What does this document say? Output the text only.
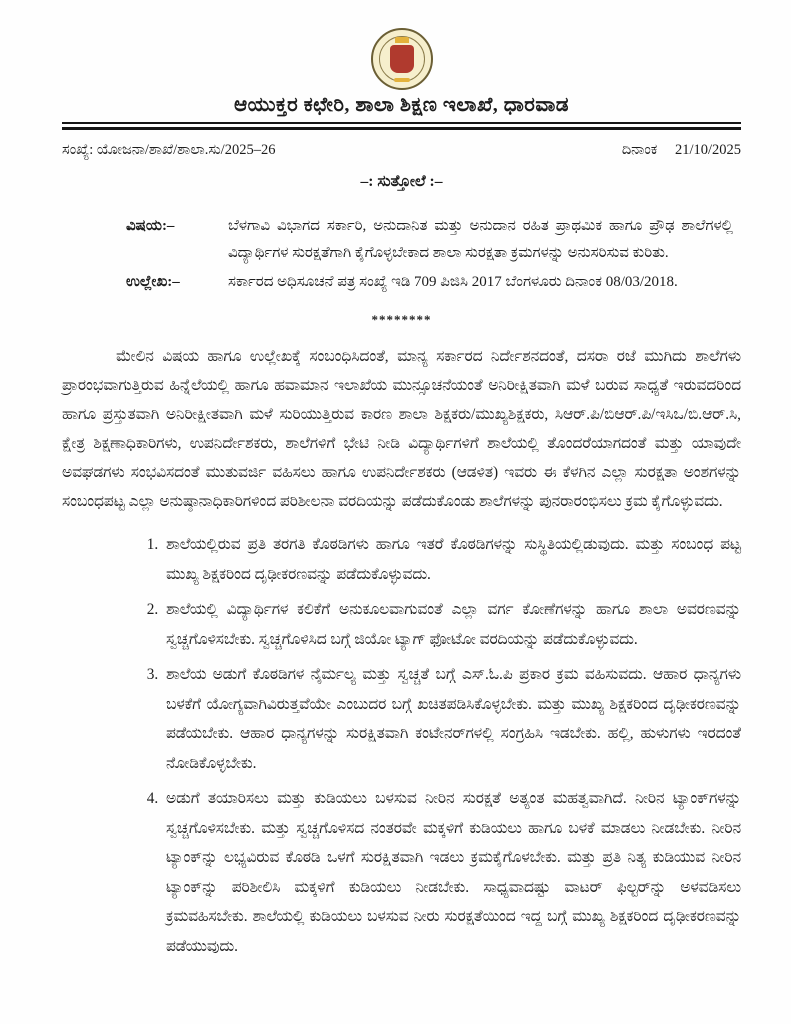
ಆಯುಕ್ತರ ಕಛೇರಿ, ಶಾಲಾ ಶಿಕ್ಷಣ ಇಲಾಖೆ, ಧಾರವಾಡ
ಸಂಖ್ಯೆ: ಯೋಜನಾ/ಶಾಖೆ/ಶಾಲಾ.ಸು/2025–26	ದಿನಾಂಕ 21/10/2025
–: ಸುತ್ತೋಲೆ :–
ವಿಷಯ:–	ಬೆಳಗಾವಿ ವಿಭಾಗದ ಸರ್ಕಾರಿ, ಅನುದಾನಿತ ಮತ್ತು ಅನುದಾನ ರಹಿತ ಪ್ರಾಥಮಿಕ ಹಾಗೂ ಪ್ರೌಢ ಶಾಲೆಗಳಲ್ಲಿ ವಿದ್ಯಾರ್ಥಿಗಳ ಸುರಕ್ಷತೆಗಾಗಿ ಕೈಗೊಳ್ಳಬೇಕಾದ ಶಾಲಾ ಸುರಕ್ಷತಾ ಕ್ರಮಗಳನ್ನು ಅನುಸರಿಸುವ ಕುರಿತು.
ಉಲ್ಲೇಖ:–	ಸರ್ಕಾರದ ಅಧಿಸೂಚನೆ ಪತ್ರ ಸಂಖ್ಯೆ ಇಡಿ 709 ಪಿಜಿಸಿ 2017 ಬೆಂಗಳೂರು ದಿನಾಂಕ 08/03/2018.
********
ಮೇಲಿನ ವಿಷಯ ಹಾಗೂ ಉಲ್ಲೇಖಕ್ಕೆ ಸಂಬಂಧಿಸಿದಂತೆ, ಮಾನ್ಯ ಸರ್ಕಾರದ ನಿರ್ದೇಶನದಂತೆ, ದಸರಾ ರಜೆ ಮುಗಿದು ಶಾಲೆಗಳು ಪ್ರಾರಂಭವಾಗುತ್ತಿರುವ ಹಿನ್ನೆಲೆಯಲ್ಲಿ ಹಾಗೂ ಹವಾಮಾನ ಇಲಾಖೆಯ ಮುನ್ಸೂಚನೆಯಂತೆ ಅನಿರೀಕ್ಷಿತವಾಗಿ ಮಳೆ ಬರುವ ಸಾಧ್ಯತೆ ಇರುವದರಿಂದ ಹಾಗೂ ಪ್ರಸ್ತುತವಾಗಿ ಅನಿರೀಕ್ಷೀತವಾಗಿ ಮಳೆ ಸುರಿಯುತ್ತಿರುವ ಕಾರಣ ಶಾಲಾ ಶಿಕ್ಷಕರು/ಮುಖ್ಯಶಿಕ್ಷಕರು, ಸಿಆರ್.ಪಿ/ಬಿಆರ್.ಪಿ/ಇಸಿಒ/ಬಿ.ಆರ್.ಸಿ, ಕ್ಷೇತ್ರ ಶಿಕ್ಷಣಾಧಿಕಾರಿಗಳು, ಉಪನಿರ್ದೇಶಕರು, ಶಾಲೆಗಳಿಗೆ ಭೇಟಿ ನೀಡಿ ವಿದ್ಯಾರ್ಥಿಗಳಿಗೆ ಶಾಲೆಯಲ್ಲಿ ತೊಂದರೆಯಾಗದಂತೆ ಮತ್ತು ಯಾವುದೇ ಅವಘಡಗಳು ಸಂಭವಿಸದಂತೆ ಮುತುವರ್ಜಿ ವಹಿಸಲು ಹಾಗೂ ಉಪನಿರ್ದೇಶಕರು (ಆಡಳಿತ) ಇವರು ಈ ಕೆಳಗಿನ ಎಲ್ಲಾ ಸುರಕ್ಷತಾ ಅಂಶಗಳನ್ನು ಸಂಬಂಧಪಟ್ಟ ಎಲ್ಲಾ ಅನುಷ್ಠಾನಾಧಿಕಾರಿಗಳಿಂದ ಪರಿಶೀಲನಾ ವರದಿಯನ್ನು ಪಡೆದುಕೊಂಡು ಶಾಲೆಗಳನ್ನು ಪುನರಾರಂಭಿಸಲು ಕ್ರಮ ಕೈಗೊಳ್ಳುವದು.
1. ಶಾಲೆಯಲ್ಲಿರುವ ಪ್ರತಿ ತರಗತಿ ಕೊಠಡಿಗಳು ಹಾಗೂ ಇತರೆ ಕೊಠಡಿಗಳನ್ನು ಸುಸ್ಥಿತಿಯಲ್ಲಿಡುವುದು. ಮತ್ತು ಸಂಬಂಧ ಪಟ್ಟ ಮುಖ್ಯ ಶಿಕ್ಷಕರಿಂದ ದೃಢೀಕರಣವನ್ನು ಪಡೆದುಕೊಳ್ಳುವದು.
2. ಶಾಲೆಯಲ್ಲಿ ವಿದ್ಯಾರ್ಥಿಗಳ ಕಲಿಕೆಗೆ ಅನುಕೂಲವಾಗುವಂತೆ ಎಲ್ಲಾ ವರ್ಗ ಕೋಣೆಗಳನ್ನು ಹಾಗೂ ಶಾಲಾ ಅವರಣವನ್ನು ಸ್ವಚ್ಚಗೊಳಿಸಬೇಕು. ಸ್ವಚ್ಚಗೊಳಿಸಿದ ಬಗ್ಗೆ ಜಿಯೋ ಟ್ಯಾಗ್ ಫೋಟೋ ವರದಿಯನ್ನು ಪಡೆದುಕೊಳ್ಳುವದು.
3. ಶಾಲೆಯ ಅಡುಗೆ ಕೊಠಡಿಗಳ ನೈರ್ಮಲ್ಯ ಮತ್ತು ಸ್ವಚ್ಚತೆ ಬಗ್ಗೆ ಎಸ್.ಓ.ಪಿ ಪ್ರಕಾರ ಕ್ರಮ ವಹಿಸುವದು. ಆಹಾರ ಧಾನ್ಯಗಳು ಬಳಕೆಗೆ ಯೋಗ್ಯವಾಗಿವಿರುತ್ತವೆಯೇ ಎಂಬುದರ ಬಗ್ಗೆ ಖಚಿತಪಡಿಸಿಕೊಳ್ಳಬೇಕು. ಮತ್ತು ಮುಖ್ಯ ಶಿಕ್ಷಕರಿಂದ ದೃಢೀಕರಣವನ್ನು ಪಡೆಯಬೇಕು. ಆಹಾರ ಧಾನ್ಯಗಳನ್ನು ಸುರಕ್ಷಿತವಾಗಿ ಕಂಟೇನರ್‌ಗಳಲ್ಲಿ ಸಂಗ್ರಹಿಸಿ ಇಡಬೇಕು. ಹಲ್ಲಿ, ಹುಳುಗಳು ಇರದಂತೆ ನೋಡಿಕೊಳ್ಳಬೇಕು.
4. ಅಡುಗೆ ತಯಾರಿಸಲು ಮತ್ತು ಕುಡಿಯಲು ಬಳಸುವ ನೀರಿನ ಸುರಕ್ಷತೆ ಅತ್ಯಂತ ಮಹತ್ವವಾಗಿದೆ. ನೀರಿನ ಟ್ಯಾಂಕ್‌ಗಳನ್ನು ಸ್ವಚ್ಚಗೊಳಿಸಬೇಕು. ಮತ್ತು ಸ್ವಚ್ಚಗೊಳಿಸದ ನಂತರವೇ ಮಕ್ಕಳಿಗೆ ಕುಡಿಯಲು ಹಾಗೂ ಬಳಕೆ ಮಾಡಲು ನೀಡಬೇಕು. ನೀರಿನ ಟ್ಯಾಂಕ್‌ನ್ನು ಲಭ್ಯವಿರುವ ಕೊಠಡಿ ಒಳಗೆ ಸುರಕ್ಷಿತವಾಗಿ ಇಡಲು ಕ್ರಮಕೈಗೊಳಬೇಕು. ಮತ್ತು ಪ್ರತಿ ನಿತ್ಯ ಕುಡಿಯುವ ನೀರಿನ ಟ್ಯಾಂಕ್‌ನ್ನು ಪರಿಶೀಲಿಸಿ ಮಕ್ಕಳಿಗೆ ಕುಡಿಯಲು ನೀಡಬೇಕು. ಸಾಧ್ಯವಾದಷ್ಟು ವಾಟರ್ ಫಿಲ್ಟರ್‌ನ್ನು ಅಳವಡಿಸಲು ಕ್ರಮವಹಿಸಬೇಕು. ಶಾಲೆಯಲ್ಲಿ ಕುಡಿಯಲು ಬಳಸುವ ನೀರು ಸುರಕ್ಷತೆಯಿಂದ ಇದ್ದ ಬಗ್ಗೆ ಮುಖ್ಯ ಶಿಕ್ಷಕರಿಂದ ದೃಢೀಕರಣವನ್ನು ಪಡೆಯುವುದು.
